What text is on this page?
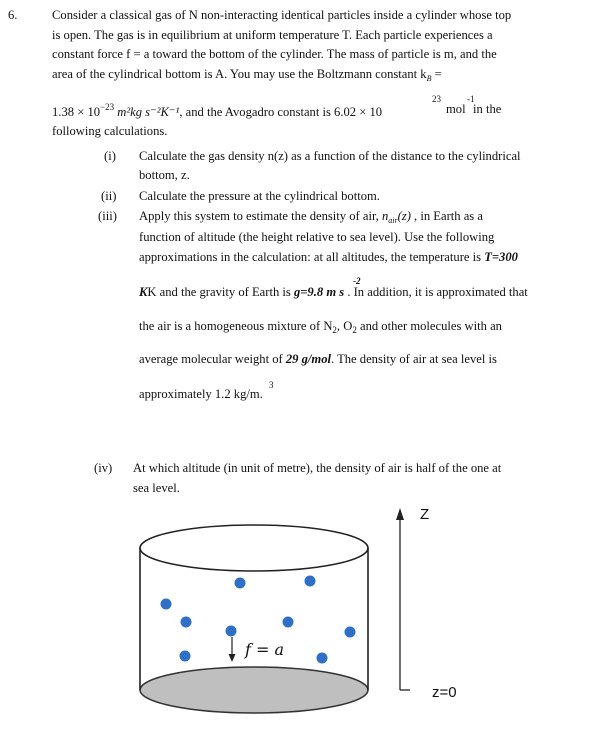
6.	Consider a classical gas of N non-interacting identical particles inside a cylinder whose top
is open. The gas is in equilibrium at uniform temperature T. Each particle experiences a
constant force f = a toward the bottom of the cylinder. The mass of particle is m, and the
area of the cylindrical bottom is A. You may use the Boltzmann constant $k_B$ =
$1.38 \times 10^{-23}$ m²kg s⁻²K⁻¹, and the Avogadro constant is 6.02 × 10
23
mol
-1
in the
following calculations.
(i) Calculate the gas density n(z) as a function of the distance to the cylindrical
bottom, z.
(ii) Calculate the pressure at the cylindrical bottom.
(iii) Apply this system to estimate the density of air, $n_{air}(z)$ , in Earth as a
function of altitude (the height relative to sea level). Use the following
approximations in the calculation: at all altitudes, the temperature is T=300
KK and the gravity of Earth is g=9.8 m s . In addition, it is approximated that
-2
the air is a homogeneous mixture of $N_2$, $O_2$ and other molecules with an
average molecular weight of 29 g/mol. The density of air at sea level is
approximately 1.2 kg/m.
3
(iv) At which altitude (in unit of metre), the density of air is half of the one at
sea level.
f = a
Z
z=0
